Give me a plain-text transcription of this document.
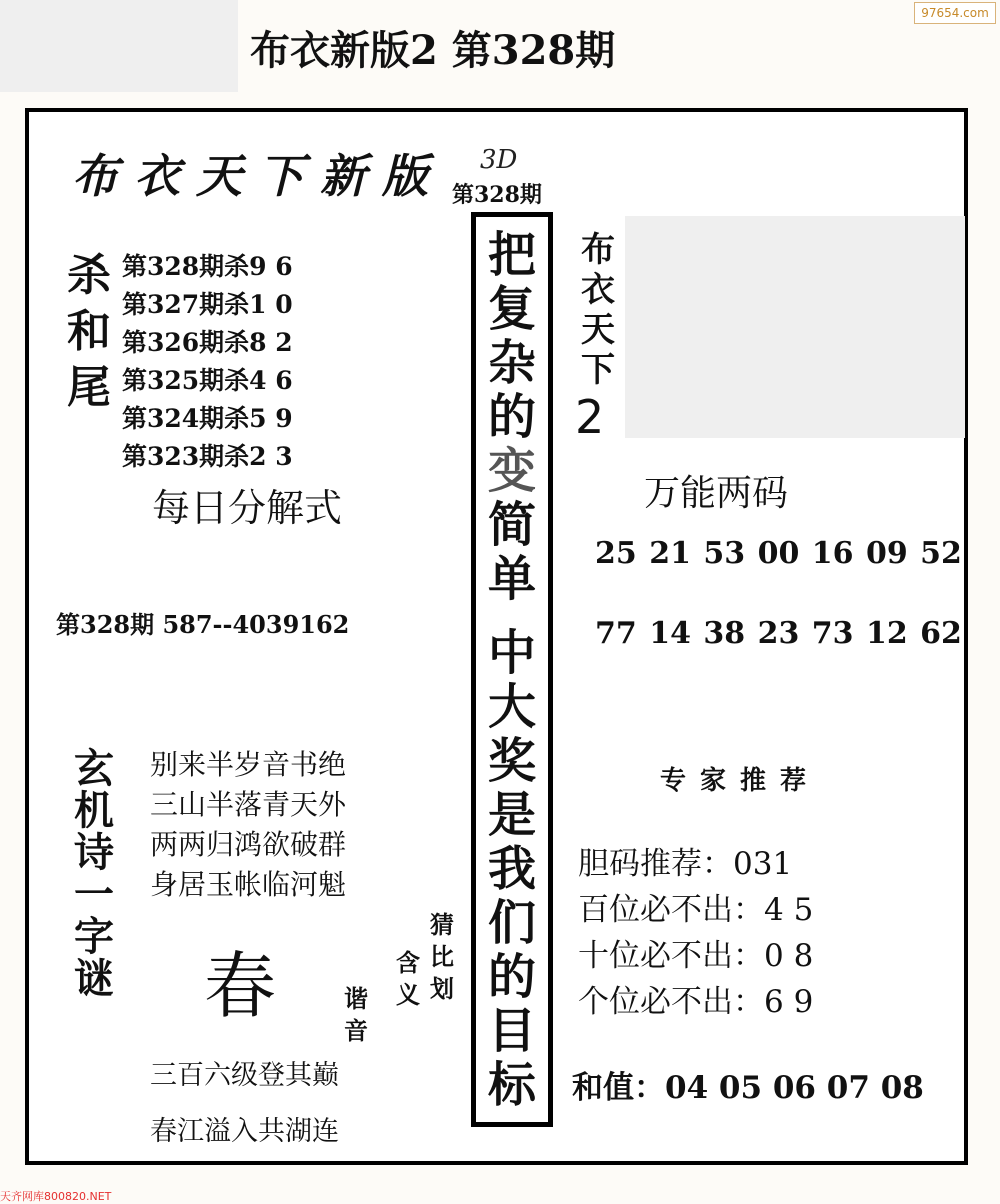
布衣新版2 第328期
97654.com
布衣天下新版 3D
第328期
把
复
杂
的
变
简
单
中
大
奖
是
我
们
的
目
标
杀
和
尾
第328期杀9 6
第327期杀1 0
第326期杀8 2
第325期杀4 6
第324期杀5 9
第323期杀2 3
每日分解式
第328期 587--4039162
玄
机
诗
一
字
谜
别来半岁音书绝
三山半落青天外
两两归鸿欲破群
身居玉帐临河魁
春
猜
比
划
含
义
谐
音
三百六级登其巅
春江溢入共湖连
布
衣
天
下
2
万能两码
25 21 53 00 16 09 52
77 14 38 23 73 12 62
专家推荐
胆码推荐：031
百位必不出：4 5
十位必不出：0 8
个位必不出：6 9
和值：04 05 06 07 08
天齐网库800820.NET
